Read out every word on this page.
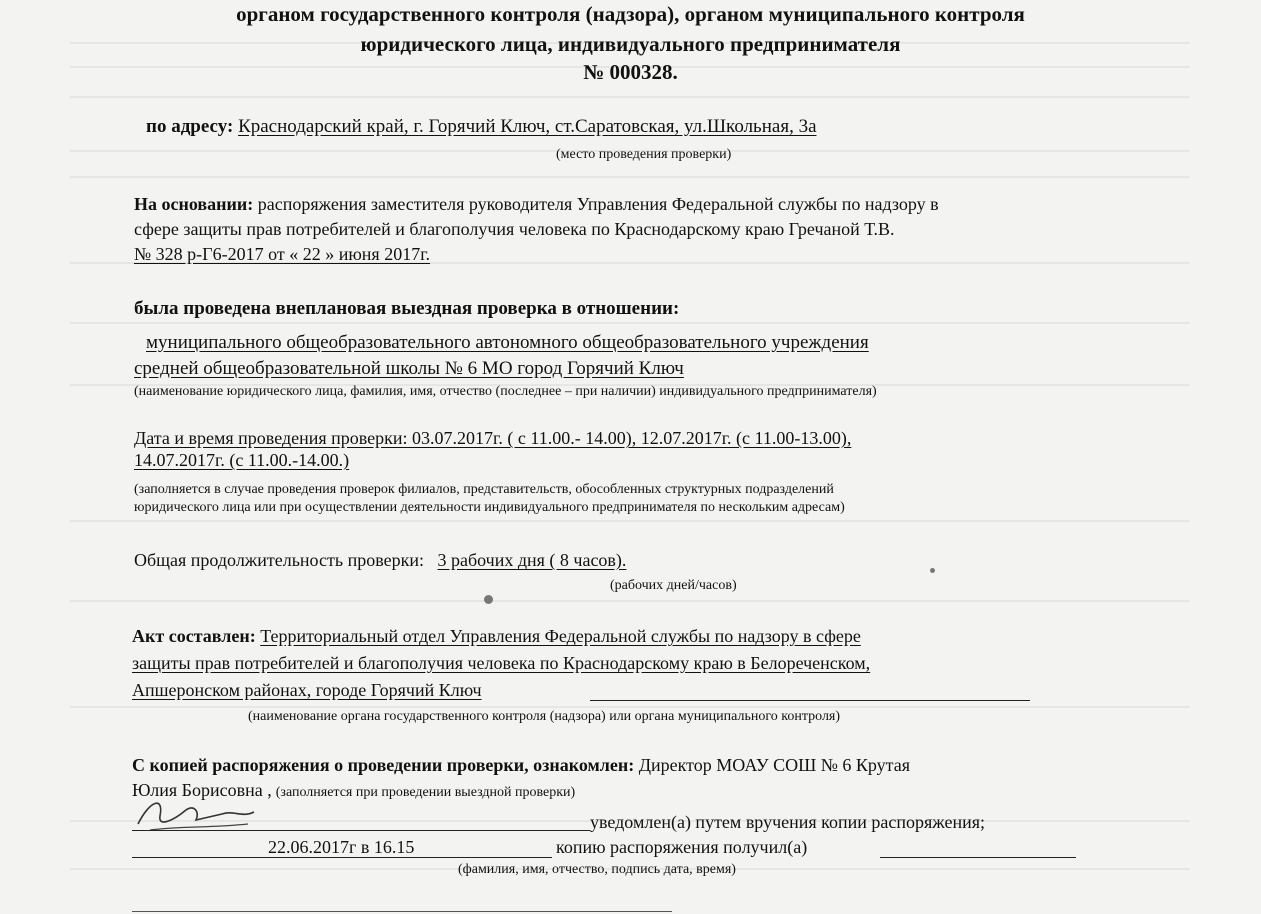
органом государственного контроля (надзора), органом муниципального контроля
юридического лица, индивидуального предпринимателя
№ 000328.
по адресу: Краснодарский край, г. Горячий Ключ, ст.Саратовская, ул.Школьная, 3а
(место проведения проверки)
На основании: распоряжения заместителя руководителя Управления Федеральной службы по надзору в
сфере защиты прав потребителей и благополучия человека по Краснодарскому краю Гречаной Т.В.
№ 328 р-Г6-2017 от « 22 » июня 2017г.
была проведена внеплановая выездная проверка в отношении:
муниципального общеобразовательного автономного общеобразовательного учреждения
средней общеобразовательной школы № 6 МО город Горячий Ключ
(наименование юридического лица, фамилия, имя, отчество (последнее – при наличии) индивидуального предпринимателя)
Дата и время проведения проверки: 03.07.2017г. ( с 11.00.- 14.00), 12.07.2017г. (с 11.00-13.00),
14.07.2017г. (с 11.00.-14.00.)
(заполняется в случае проведения проверок филиалов, представительств, обособленных структурных подразделений
юридического лица или при осуществлении деятельности индивидуального предпринимателя по нескольким адресам)
Общая продолжительность проверки: 3 рабочих дня ( 8 часов).
(рабочих дней/часов)
Акт составлен: Территориальный отдел Управления Федеральной службы по надзору в сфере
защиты прав потребителей и благополучия человека по Краснодарскому краю в Белореченском,
Апшеронском районах, городе Горячий Ключ
(наименование органа государственного контроля (надзора) или органа муниципального контроля)
С копией распоряжения о проведении проверки, ознакомлен: Директор МОАУ СОШ № 6 Крутая
Юлия Борисовна , (заполняется при проведении выездной проверки)
уведомлен(а) путем вручения копии распоряжения;
22.06.2017г в 16.15	копию распоряжения получил(а)
(фамилия, имя, отчество, подпись дата, время)
